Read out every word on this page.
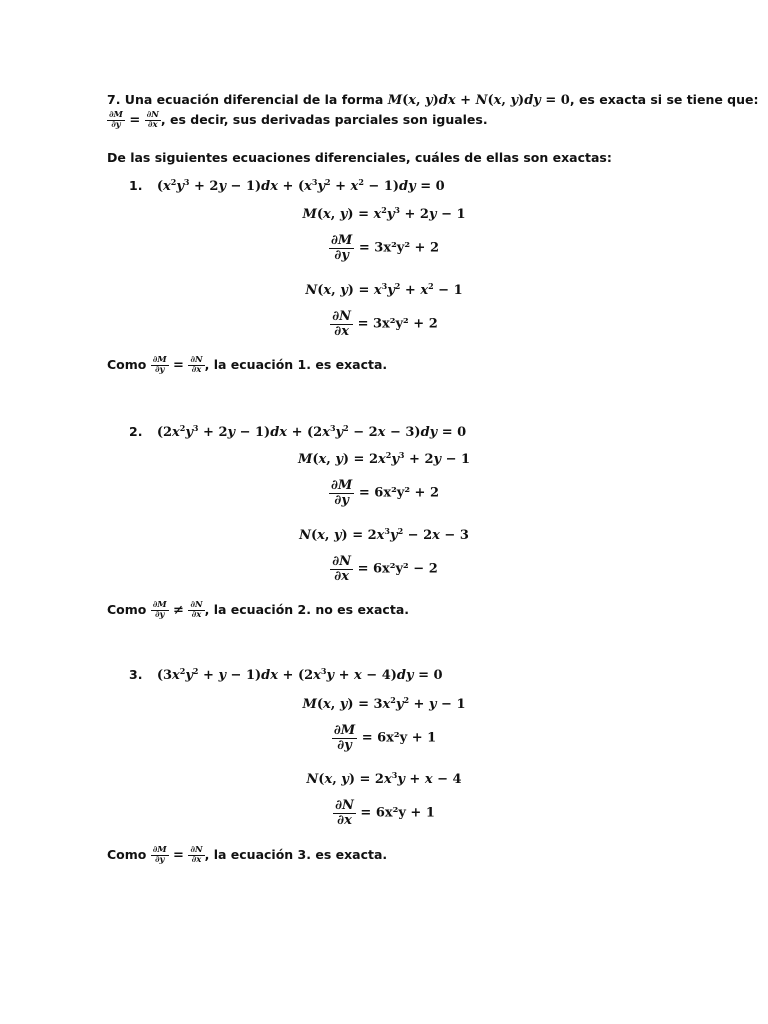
7. Una ecuación diferencial de la forma M(x, y)dx + N(x, y)dy = 0, es exacta si se tiene que:
$\frac{\partial M}{\partial y} = \frac{\partial N}{\partial x}$ , es decir, sus derivadas parciales son iguales.
De las siguientes ecuaciones diferenciales, cuáles de ellas son exactas:
1. $(x^2y^3 + 2y - 1)dx + (x^3y^2 + x^2 - 1)dy = 0$
M(x, $y) = x^2y^3 + 2y - 1$
$\frac{\partial M}{\partial y} = 3x^2y^2 + 2$
N(x, $y) = x^3y^2 + x^2 - 1$
$\frac{\partial N}{\partial x} = 3x^2y^2 + 2$
Como $\frac{\partial M}{\partial y} = \frac{\partial N}{\partial x}$ , la ecuación 1. es exacta.
2. $(2x^2y^3 + 2y - 1)dx + (2x^3y^2 - 2x - 3)dy = 0$
M(x, $y) = 2x^2y^3 + 2y - 1$
$\frac{\partial M}{\partial y} = 6x^2y^2 + 2$
N(x, $y) = 2x^3y^2 - 2x - 3$
$\frac{\partial N}{\partial x} = 6x^2y^2 - 2$
Como $\frac{\partial M}{\partial y} \ne \frac{\partial N}{\partial x}$ , la ecuación 2. no es exacta.
3. $(3x^2y^2 + y - 1)dx + (2x^3y + x - 4)dy = 0$
M(x, $y) = 3x^2y^2 + y - 1$
$\frac{\partial M}{\partial y} = 6x^2y + 1$
N(x, $y) = 2x^3y + x - 4$
$\frac{\partial N}{\partial x} = 6x^2y + 1$
Como $\frac{\partial M}{\partial y} = \frac{\partial N}{\partial x}$ , la ecuación 3. es exacta.
